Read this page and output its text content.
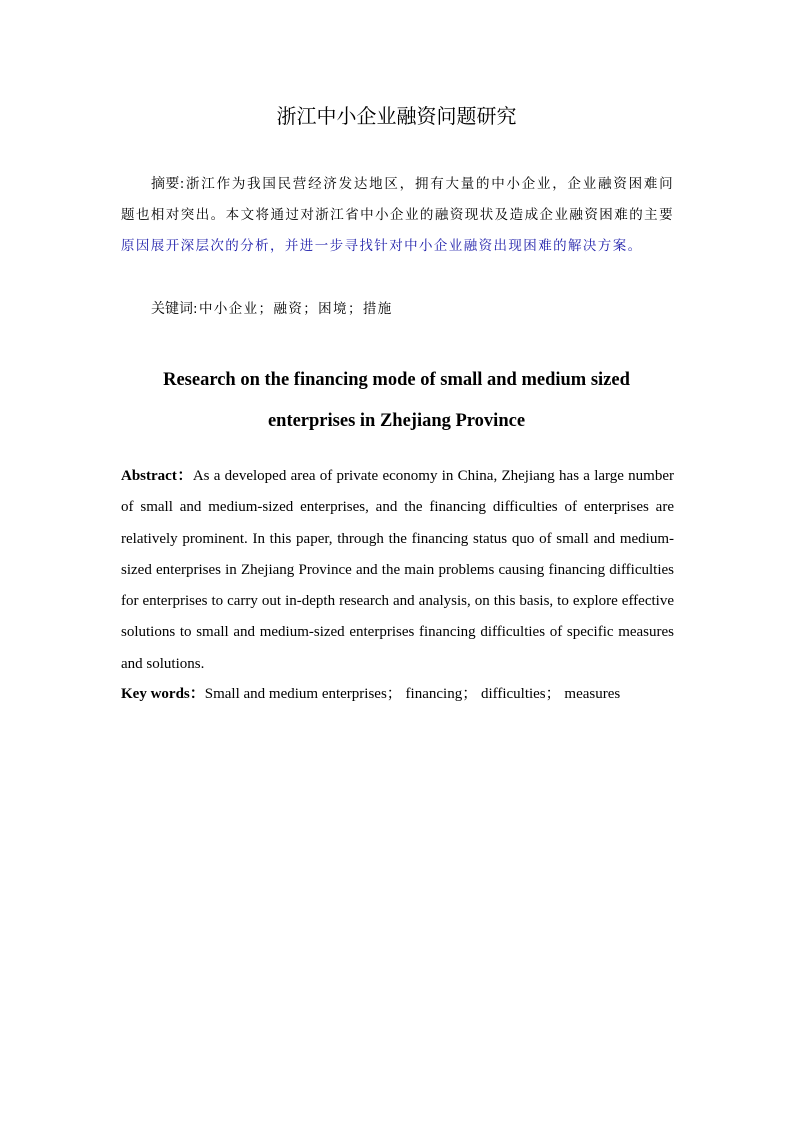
浙江中小企业融资问题研究
摘要:浙江作为我国民营经济发达地区，拥有大量的中小企业，企业融资困难问题也相对突出。本文将通过对浙江省中小企业的融资现状及造成企业融资困难的主要原因展开深层次的分析，并进一步寻找针对中小企业融资出现困难的解决方案。
关键词:中小企业；融资；困境；措施
Research on the financing mode of small and medium sized
enterprises in Zhejiang Province
Abstract：As a developed area of private economy in China, Zhejiang has a large number of small and medium-sized enterprises, and the financing difficulties of enterprises are relatively prominent. In this paper, through the financing status quo of small and medium-sized enterprises in Zhejiang Province and the main problems causing financing difficulties for enterprises to carry out in-depth research and analysis, on this basis, to explore effective solutions to small and medium-sized enterprises financing difficulties of specific measures and solutions.
Key words：Small and medium enterprises； financing； difficulties； measures
